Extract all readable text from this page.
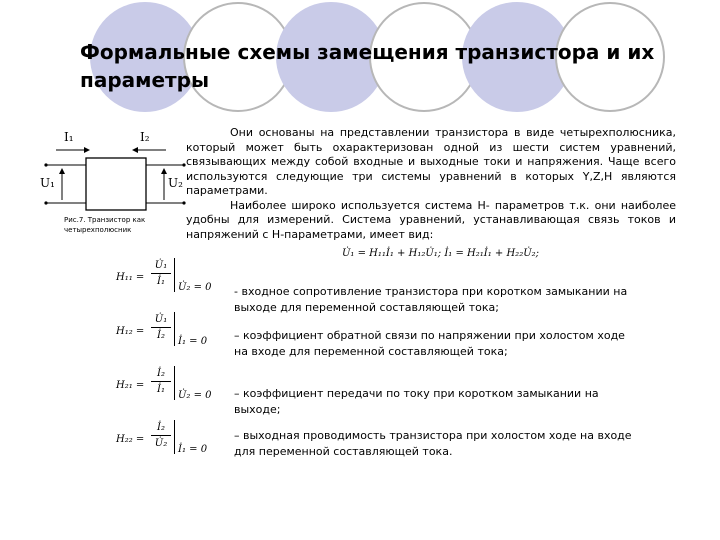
Формальные схемы замещения транзистора и их параметры
I₁	I₂
U₁	U₂
Рис.7. Транзистор как четырехполюсник

Они основаны на представлении транзистора в виде четырехполюсника, который может быть охарактеризован одной из шести систем уравнений, связывающих между собой входные и выходные токи и напряжения. Чаще всего используются следующие три системы уравнений в которых Y,Z,H являются параметрами.

Наиболее широко используется система H- параметров т.к. они наиболее удобны для измерений. Система уравнений, устанавливающая связь токов и напряжений с H-параметрами, имеет вид:

U̇₁ = H₁₁İ₁ + H₁₂U̇₁; İ₁ = H₂₁İ₁ + H₂₂U̇₂;
$H_{11} = \frac{\text{U̇₁}}{\text{İ₁}}$ U̇₂ = 0
$H_{12} = \frac{\text{U̇₁}}{\text{İ₂}}$ İ₁ = 0
$H_{21} = \frac{\text{İ₂}}{\text{İ₁}}$ U̇₂ = 0
$H_{22} = \frac{\text{İ₂}}{\text{U̇₂}}$ İ₁ = 0

- входное сопротивление транзистора при коротком замыкании на выходе для переменной составляющей тока;

– коэффициент обратной связи по напряжении при холостом ходе на входе для переменной составляющей тока;

– коэффициент передачи по току при коротком замыкании на выходе;

– выходная проводимость транзистора при холостом ходе на входе для переменной составляющей тока.
